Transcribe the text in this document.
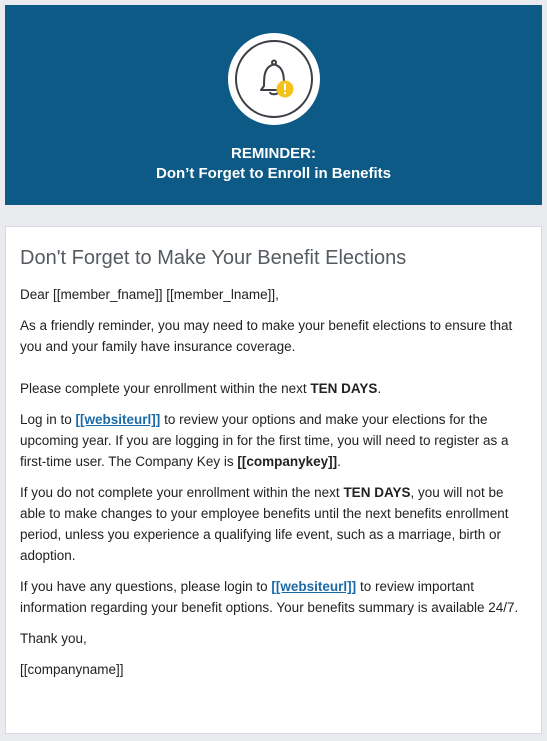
REMINDER:
Don’t Forget to Enroll in Benefits
Don't Forget to Make Your Benefit Elections

Dear [[member_fname]] [[member_lname]],

As a friendly reminder, you may need to make your benefit elections to ensure that you and your family have insurance coverage.

Please complete your enrollment within the next TEN DAYS.

Log in to [[websiteurl]] to review your options and make your elections for the upcoming year. If you are logging in for the first time, you will need to register as a first-time user. The Company Key is [[companykey]].

If you do not complete your enrollment within the next TEN DAYS, you will not be able to make changes to your employee benefits until the next benefits enrollment period, unless you experience a qualifying life event, such as a marriage, birth or adoption.

If you have any questions, please login to [[websiteurl]] to review important information regarding your benefit options. Your benefits summary is available 24/7.

Thank you,

[[companyname]]
